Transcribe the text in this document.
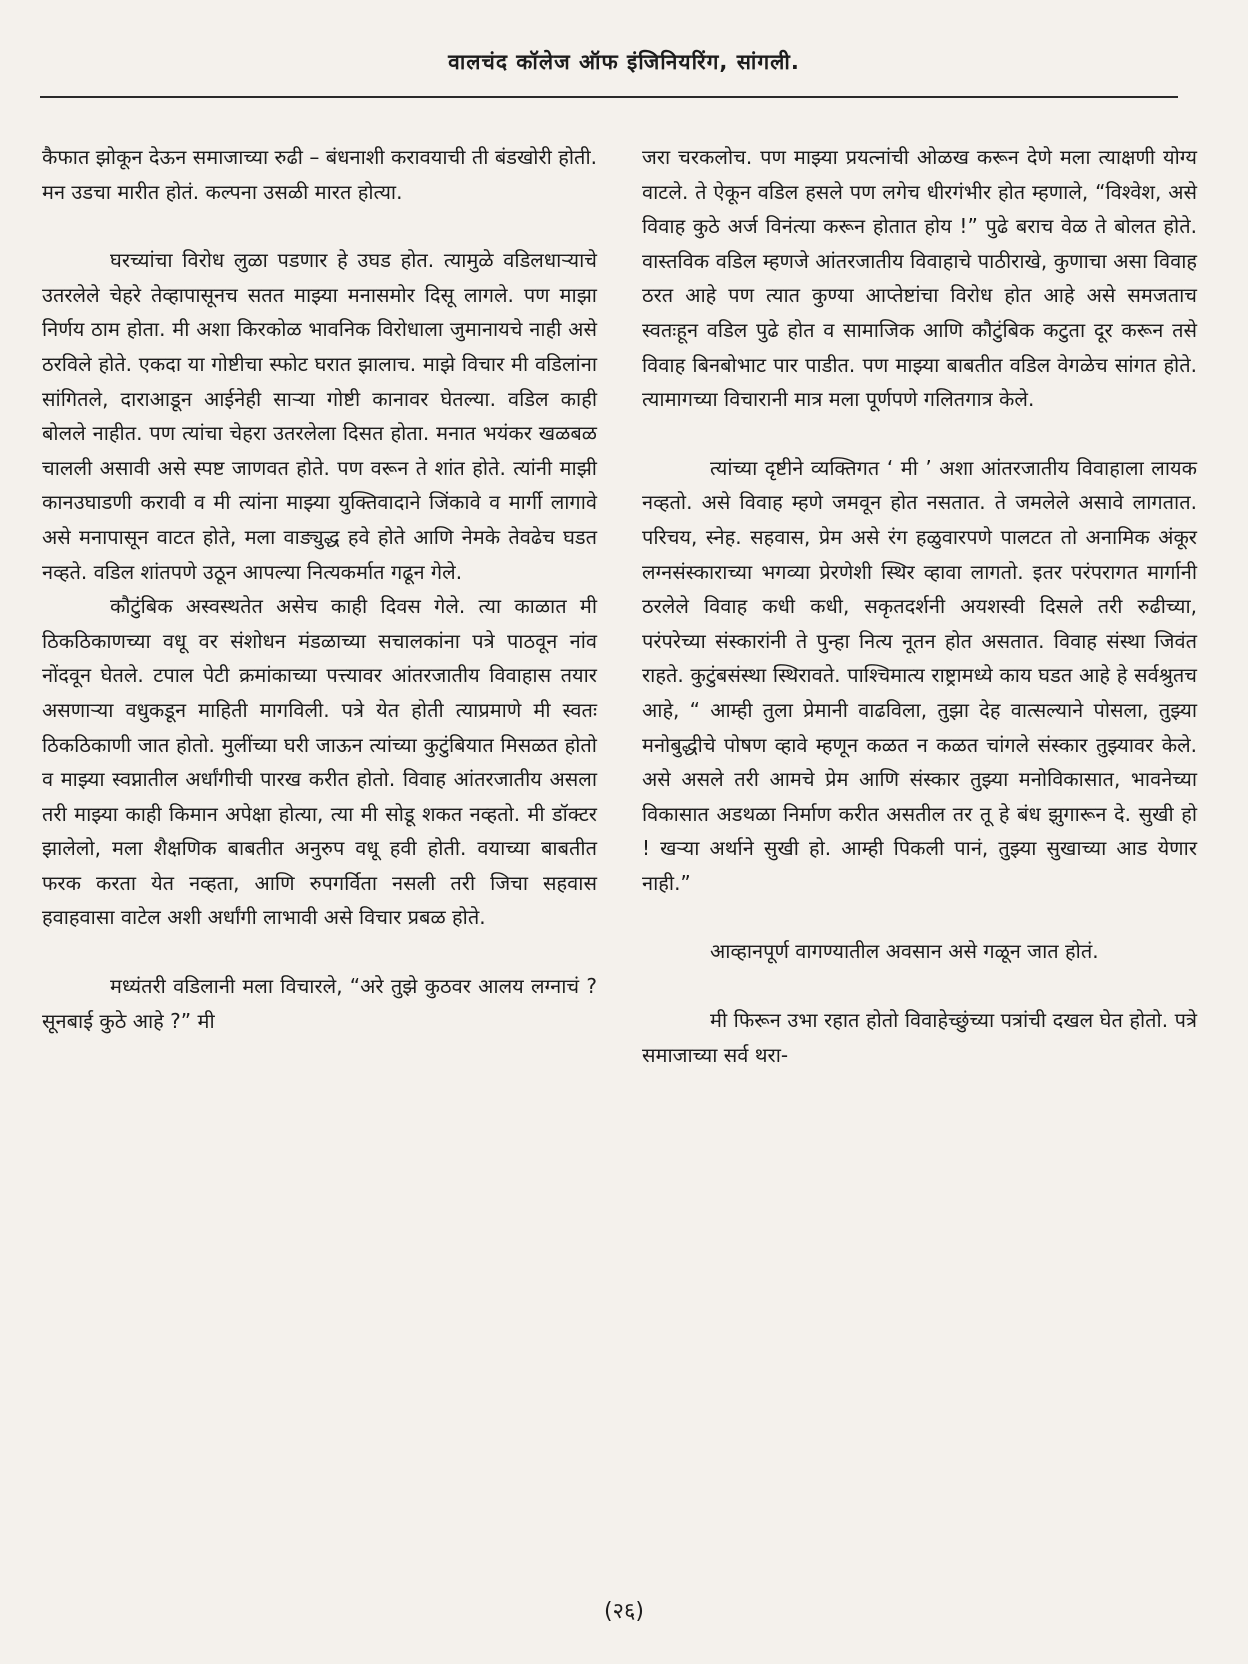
वालचंद कॉलेज ऑफ इंजिनियरिंग, सांगली.

कैफात झोकून देऊन समाजाच्या रुढी – बंधनाशी करावयाची ती बंडखोरी होती. मन उडचा मारीत होतं. कल्पना उसळी मारत होत्या.

घरच्यांचा विरोध लुळा पडणार हे उघड होत. त्यामुळे वडिलधाऱ्याचे उतरलेले चेहरे तेव्हापासूनच सतत माझ्या मनासमोर दिसू लागले. पण माझा निर्णय ठाम होता. मी अशा किरकोळ भावनिक विरोधाला जुमानायचे नाही असे ठरविले होते. एकदा या गोष्टीचा स्फोट घरात झालाच. माझे विचार मी वडिलांना सांगितले, दाराआडून आईनेही साऱ्या गोष्टी कानावर घेतल्या. वडिल काही बोलले नाहीत. पण त्यांचा चेहरा उतरलेला दिसत होता. मनात भयंकर खळबळ चालली असावी असे स्पष्ट जाणवत होते. पण वरून ते शांत होते. त्यांनी माझी कानउघाडणी करावी व मी त्यांना माझ्या युक्तिवादाने जिंकावे व मार्गी लागावे असे मनापासून वाटत होते, मला वाङ्युद्ध हवे होते आणि नेमके तेवढेच घडत नव्हते. वडिल शांतपणे उठून आपल्या नित्यकर्मात गढून गेले.

कौटुंबिक अस्वस्थतेत असेच काही दिवस गेले. त्या काळात मी ठिकठिकाणच्या वधू वर संशोधन मंडळाच्या सचालकांना पत्रे पाठवून नांव नोंदवून घेतले. टपाल पेटी क्रमांकाच्या पत्त्यावर आंतरजातीय विवाहास तयार असणाऱ्या वधुकडून माहिती मागविली. पत्रे येत होती त्याप्रमाणे मी स्वतः ठिकठिकाणी जात होतो. मुलींच्या घरी जाऊन त्यांच्या कुटुंबियात मिसळत होतो व माझ्या स्वप्नातील अर्धांगीची पारख करीत होतो. विवाह आंतरजातीय असला तरी माझ्या काही किमान अपेक्षा होत्या, त्या मी सोडू शकत नव्हतो. मी डॉक्टर झालेलो, मला शैक्षणिक बाबतीत अनुरुप वधू हवी होती. वयाच्या बाबतीत फरक करता येत नव्हता, आणि रुपगर्विता नसली तरी जिचा सहवास हवाहवासा वाटेल अशी अर्धांगी लाभावी असे विचार प्रबळ होते.

मध्यंतरी वडिलानी मला विचारले, “अरे तुझे कुठवर आलय लग्नाचं ? सूनबाई कुठे आहे ?” मी

जरा चरकलोच. पण माझ्या प्रयत्नांची ओळख करून देणे मला त्याक्षणी योग्य वाटले. ते ऐकून वडिल हसले पण लगेच धीरगंभीर होत म्हणाले, “विश्वेश, असे विवाह कुठे अर्ज विनंत्या करून होतात होय !” पुढे बराच वेळ ते बोलत होते. वास्तविक वडिल म्हणजे आंतरजातीय विवाहाचे पाठीराखे, कुणाचा असा विवाह ठरत आहे पण त्यात कुण्या आप्तेष्टांचा विरोध होत आहे असे समजताच स्वतःहून वडिल पुढे होत व सामाजिक आणि कौटुंबिक कटुता दूर करून तसे विवाह बिनबोभाट पार पाडीत. पण माझ्या बाबतीत वडिल वेगळेच सांगत होते. त्यामागच्या विचारानी मात्र मला पूर्णपणे गलितगात्र केले.

त्यांच्या दृष्टीने व्यक्तिगत ‘ मी ’ अशा आंतरजातीय विवाहाला लायक नव्हतो. असे विवाह म्हणे जमवून होत नसतात. ते जमलेले असावे लागतात. परिचय, स्नेह. सहवास, प्रेम असे रंग हळुवारपणे पालटत तो अनामिक अंकूर लग्नसंस्काराच्या भगव्या प्रेरणेशी स्थिर व्हावा लागतो. इतर परंपरागत मार्गानी ठरलेले विवाह कधी कधी, सकृतदर्शनी अयशस्वी दिसले तरी रुढीच्या, परंपरेच्या संस्कारांनी ते पुन्हा नित्य नूतन होत असतात. विवाह संस्था जिवंत राहते. कुटुंबसंस्था स्थिरावते. पाश्चिमात्य राष्ट्रामध्ये काय घडत आहे हे सर्वश्रुतच आहे, “ आम्ही तुला प्रेमानी वाढविला, तुझा देह वात्सल्याने पोसला, तुझ्या मनोबुद्धीचे पोषण व्हावे म्हणून कळत न कळत चांगले संस्कार तुझ्यावर केले. असे असले तरी आमचे प्रेम आणि संस्कार तुझ्या मनोविकासात, भावनेच्या विकासात अडथळा निर्माण करीत असतील तर तू हे बंध झुगारून दे. सुखी हो ! खऱ्या अर्थाने सुखी हो. आम्ही पिकली पानं, तुझ्या सुखाच्या आड येणार नाही.”

आव्हानपूर्ण वागण्यातील अवसान असे गळून जात होतं.

मी फिरून उभा रहात होतो विवाहेच्छुंच्या पत्रांची दखल घेत होतो. पत्रे समाजाच्या सर्व थरा-

(२६)
